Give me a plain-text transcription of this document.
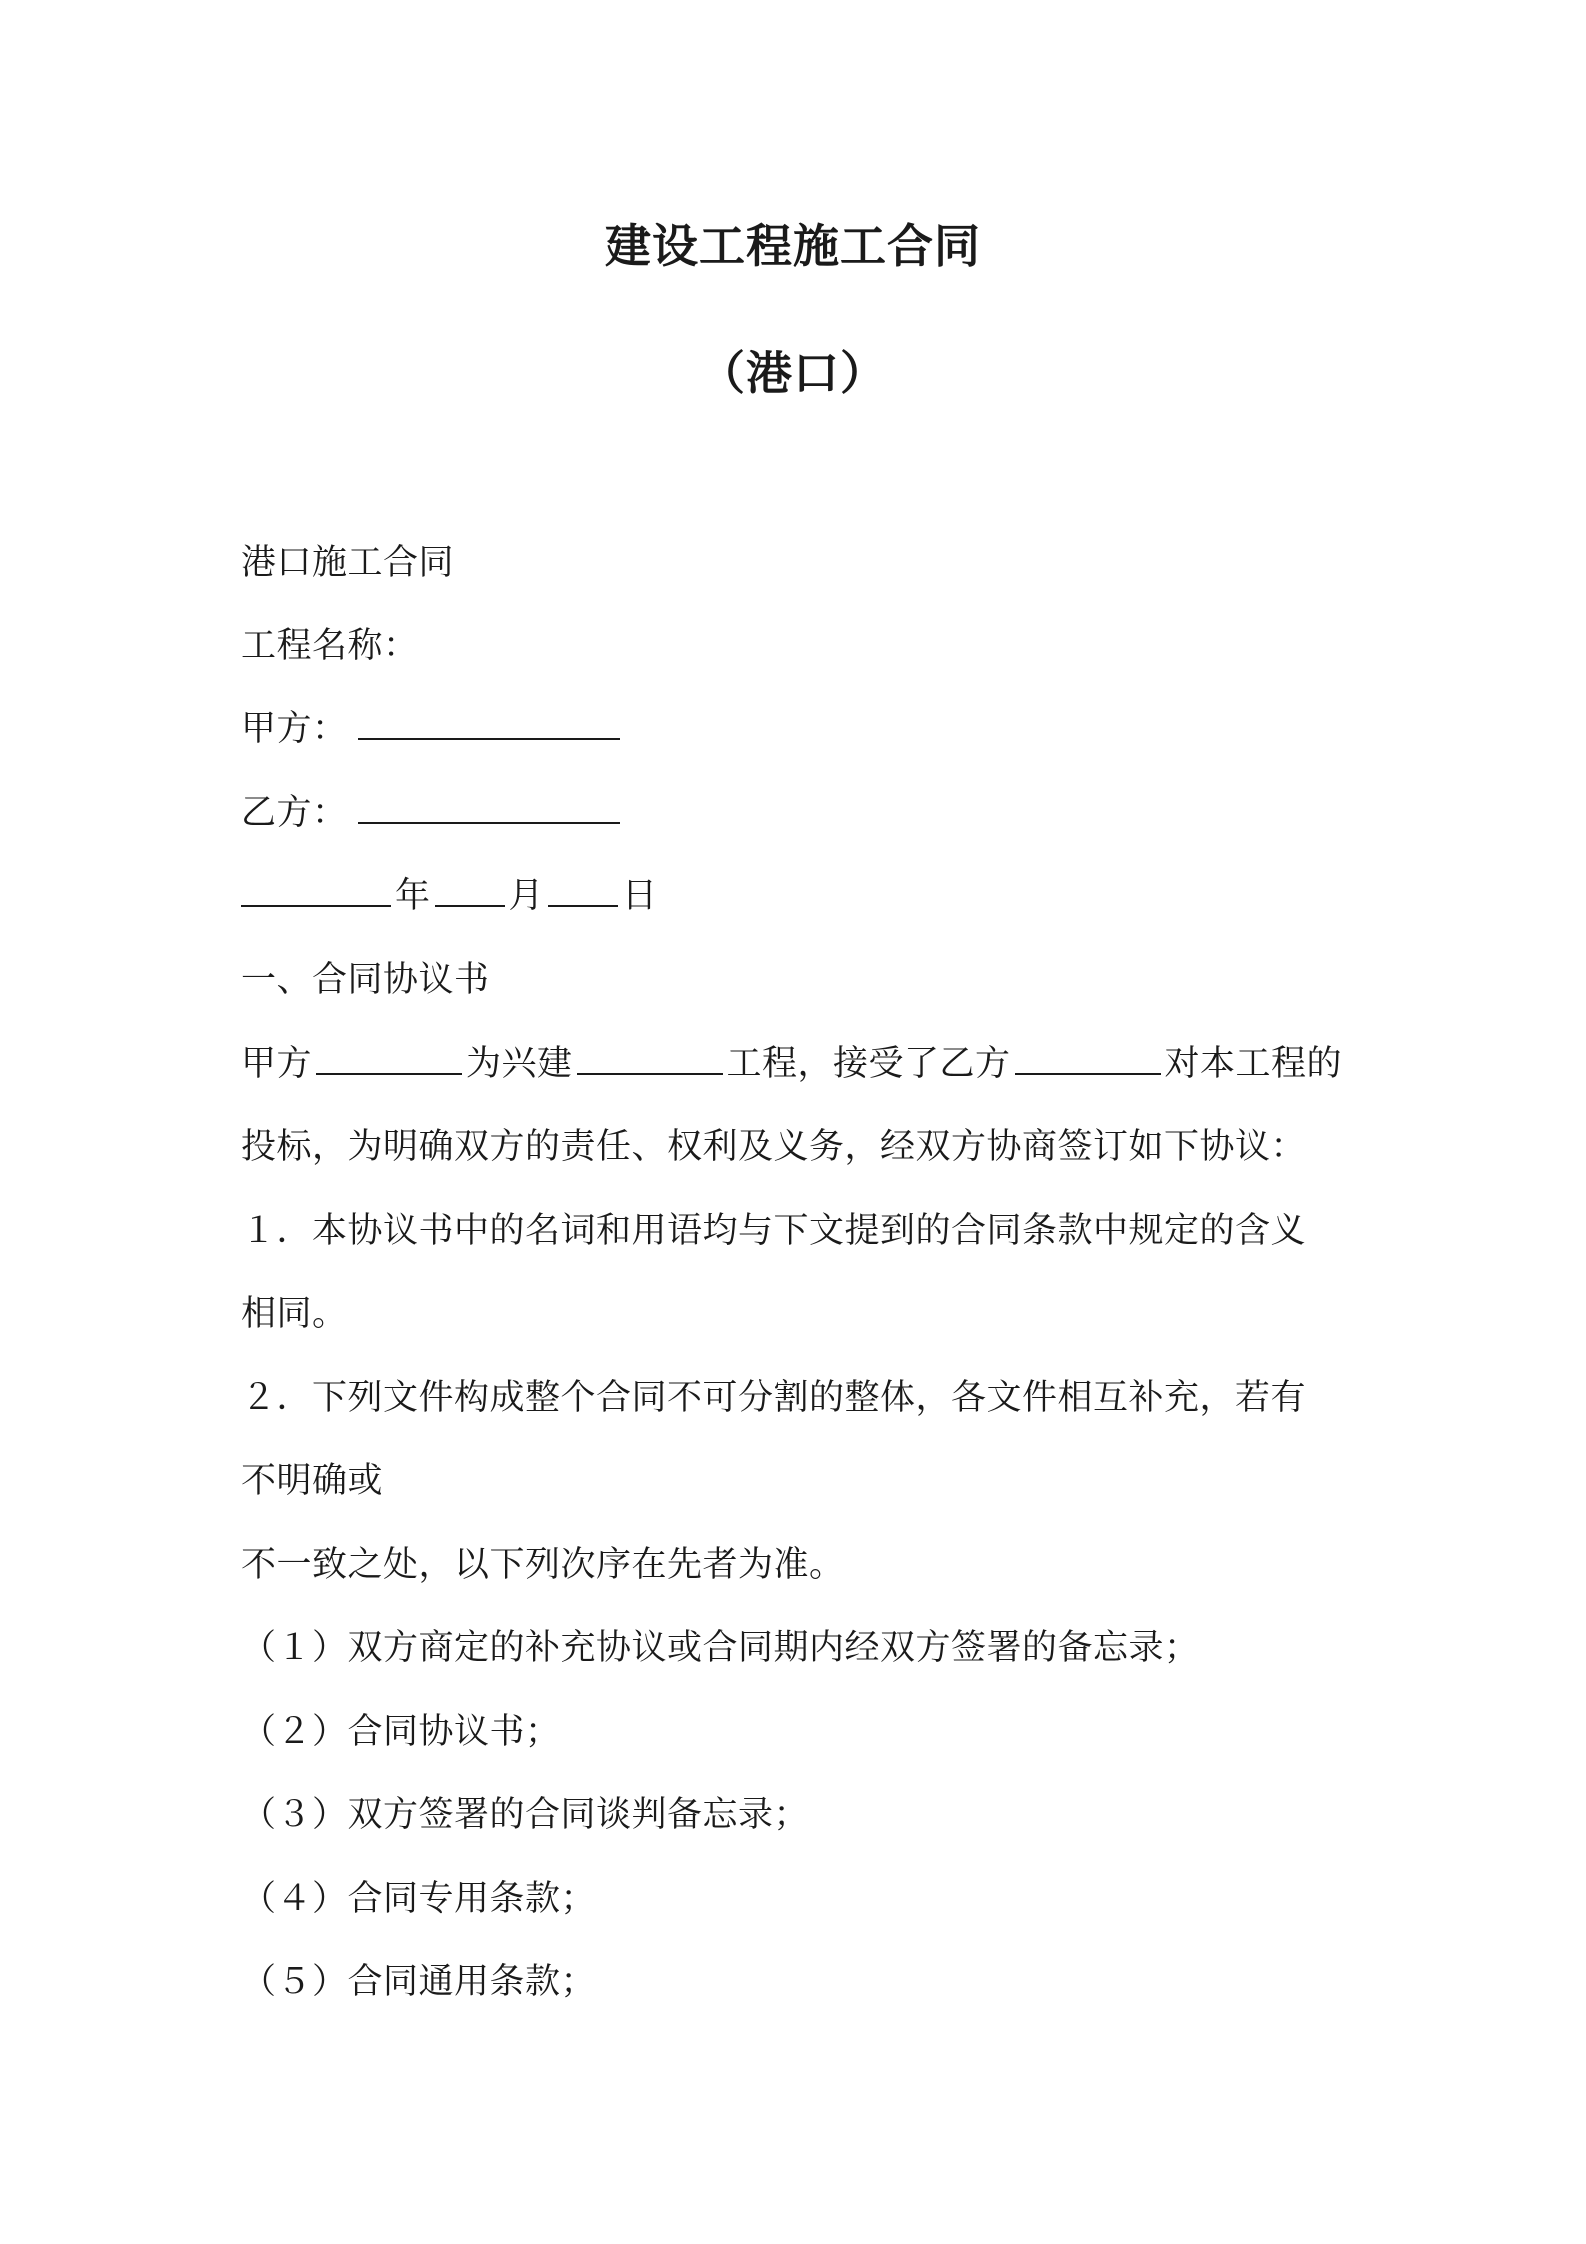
建设工程施工合同
（港口）
港口施工合同
工程名称：
甲方：
乙方：
年 月 日
一、合同协议书
甲方	为兴建	工程，接受了乙方	对本工程的
投标，为明确双方的责任、权利及义务，经双方协商签订如下协议：
１．本协议书中的名词和用语均与下文提到的合同条款中规定的含义
相同。
２．下列文件构成整个合同不可分割的整体，各文件相互补充，若有
不明确或
不一致之处，以下列次序在先者为准。
（１）双方商定的补充协议或合同期内经双方签署的备忘录；
（２）合同协议书；
（３）双方签署的合同谈判备忘录；
（４）合同专用条款；
（５）合同通用条款；
